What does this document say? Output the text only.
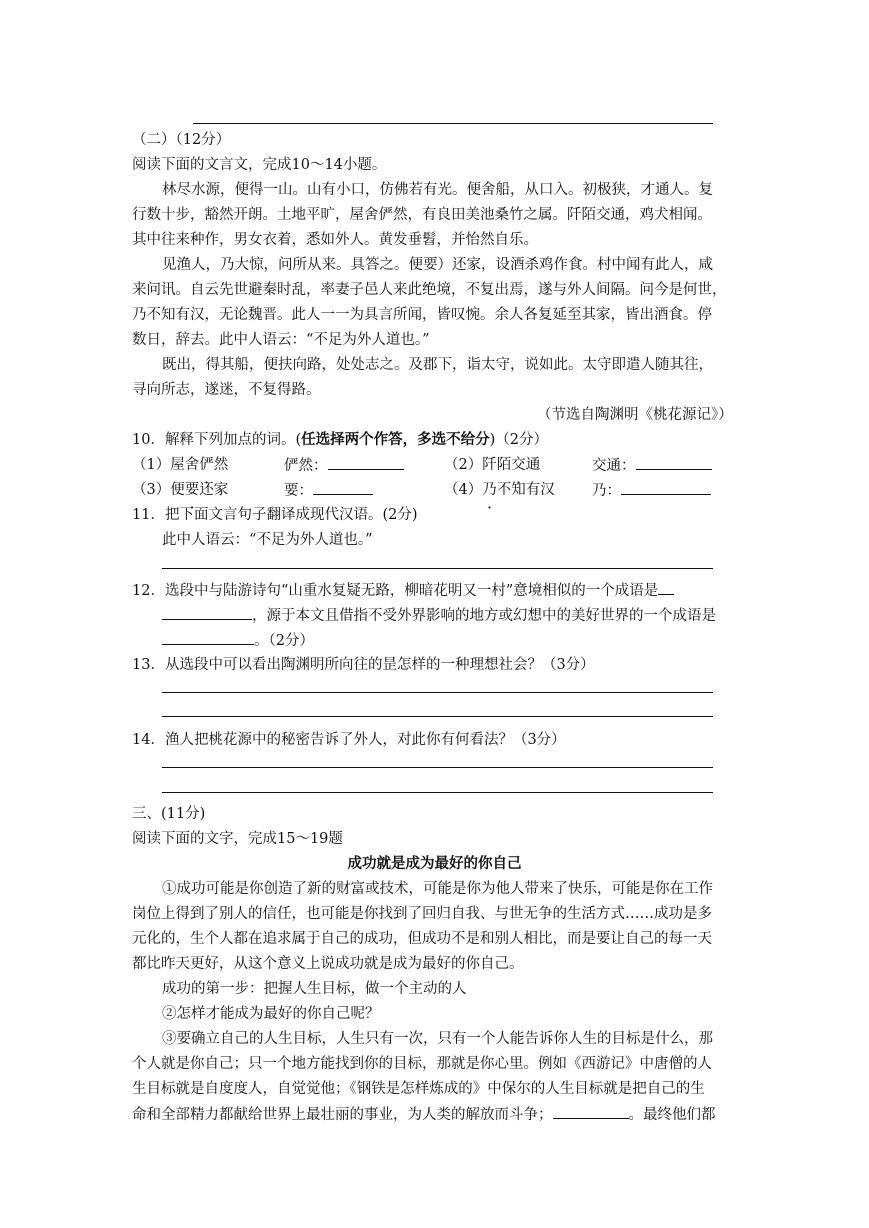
（二）（12分）
阅读下面的文言文，完成10～14小题。
林尽水源，便得一山。山有小口，仿佛若有光。便舍船，从口入。初极狭，才通人。复
行数十步，豁然开朗。土地平旷，屋舍俨然，有良田美池桑竹之属。阡陌交通，鸡犬相闻。
其中往来种作，男女衣着，悉如外人。黄发垂髫，并怡然自乐。
见渔人，乃大惊，问所从来。具答之。便要）还家，设酒杀鸡作食。村中闻有此人，咸
来问讯。自云先世避秦时乱，率妻子邑人来此绝境，不复出焉，遂与外人间隔。问今是何世，
乃不知有汉，无论魏晋。此人一一为具言所闻，皆叹惋。余人各复延至其家，皆出酒食。停
数日，辞去。此中人语云：“不足为外人道也。”
既出，得其船，便扶向路，处处志之。及郡下，诣太守，说如此。太守即遣人随其往，
寻向所志，遂迷，不复得路。
（节选自陶渊明《桃花源记》）
10．解释下列加点的词。(任选择两个作答，多选不给分)（2分）
（1）屋舍俨然	俨然：	（2）阡陌交通	交通：
（3）便要还家	要：	（4）乃不知有汉	乃：
11．把下面文言句子翻译成现代汉语。(2分)
此中人语云：“不足为外人道也。”
12．选段中与陆游诗句“山重水复疑无路，柳暗花明又一村”意境相似的一个成语是
，源于本文且借指不受外界影响的地方或幻想中的美好世界的一个成语是
。（2分）
13．从选段中可以看出陶渊明所向往的昰怎样的一种理想社会？（3分）
14．渔人把桃花源中的秘密告诉了外人，对此你有何看法？（3分）
三、(11分)
阅读下面的文字，完成15～19题
成功就是成为最好的你自己
①成功可能是你创造了新的财富或技术，可能是你为他人带来了快乐，可能是你在工作
岗位上得到了别人的信任，也可能是你找到了回归自我、与世无争的生活方式……成功是多
元化的，生个人都在追求属于自己的成功，但成功不是和别人相比，而是要让自己的每一天
都比昨天更好，从这个意义上说成功就是成为最好的你自己。
成功的第一步：把握人生目标，做一个主动的人
②怎样才能成为最好的你自己呢？
③要确立自己的人生目标，人生只有一次，只有一个人能告诉你人生的目标是什么，那
个人就是你自己；只一个地方能找到你的目标，那就是你心里。例如《西游记》中唐僧的人
生目标就是自度度人，自觉觉他；《钢铁是怎样炼成的》中保尔的人生目标就是把自己的生
命和全部精力都献给世界上最壮丽的事业，为人类的解放而斗争；	。最终他们都
